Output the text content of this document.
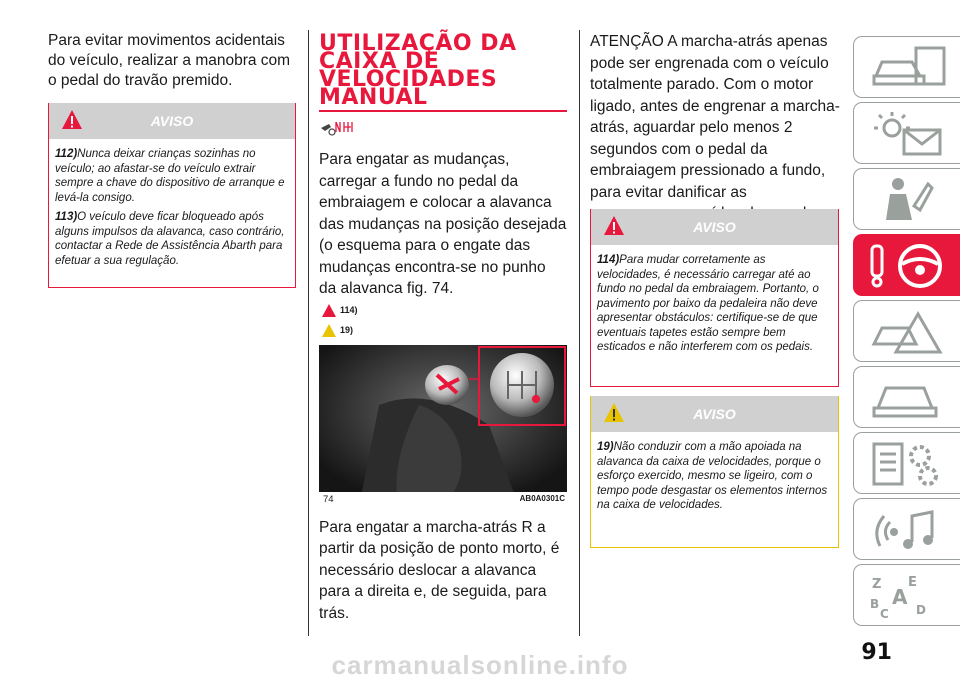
Para evitar movimentos acidentais do veículo, realizar a manobra com o pedal do travão premido.

AVISO

112)Nunca deixar crianças sozinhas no veículo; ao afastar-se do veículo extrair sempre a chave do dispositivo de arranque e levá-la consigo.

113)O veículo deve ficar bloqueado após alguns impulsos da alavanca, caso contrário, contactar a Rede de Assistência Abarth para efetuar a sua regulação.

UTILIZAÇÃO DA

CAIXA DE

VELOCIDADES

MANUAL

Para engatar as mudanças, carregar a fundo no pedal da embraiagem e colocar a alavanca das mudanças na posição desejada (o esquema para o engate das mudanças encontra-se no punho da alavanca fig. 74.

114)
19)
74	AB0A0301C

Para engatar a marcha-atrás R a partir da posição de ponto morto, é necessário deslocar a alavanca para a direita e, de seguida, para trás.

ATENÇÃO A marcha-atrás apenas pode ser engrenada com o veículo totalmente parado. Com o motor ligado, antes de engrenar a marcha-atrás, aguardar pelo menos 2 segundos com o pedal da embraiagem pressionado a fundo, para evitar danificar as

AVISO

114)Para mudar corretamente as velocidades, é necessário carregar até ao fundo no pedal da embraiagem. Portanto, o pavimento por baixo da pedaleira não deve apresentar obstáculos: certifique-se de que eventuais tapetes estão sempre bem esticados e não interferem com os pedais.

AVISO

19)Não conduzir com a mão apoiada na alavanca da caixa de velocidades, porque o esforço exercido, mesmo se ligeiro, com o tempo pode desgastar os elementos internos na caixa de velocidades.

Z E
B A
C D
91
carmanualsonline.info
